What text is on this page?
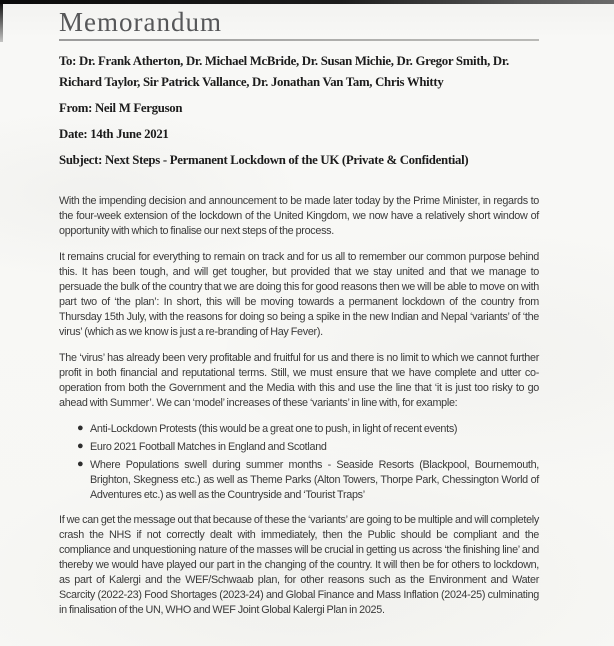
Memorandum

To: Dr. Frank Atherton, Dr. Michael McBride, Dr. Susan Michie, Dr. Gregor Smith, Dr. Richard Taylor, Sir Patrick Vallance, Dr. Jonathan Van Tam, Chris Whitty

From: Neil M Ferguson

Date: 14th June 2021

Subject: Next Steps - Permanent Lockdown of the UK (Private & Confidential)

With the impending decision and announcement to be made later today by the Prime Minister, in regards to the four-week extension of the lockdown of the United Kingdom, we now have a relatively short window of opportunity with which to finalise our next steps of the process.

It remains crucial for everything to remain on track and for us all to remember our common purpose behind this. It has been tough, and will get tougher, but provided that we stay united and that we manage to persuade the bulk of the country that we are doing this for good reasons then we will be able to move on with part two of ‘the plan’: In short, this will be moving towards a permanent lockdown of the country from Thursday 15th July, with the reasons for doing so being a spike in the new Indian and Nepal ‘variants’ of ‘the virus’ (which as we know is just a re-branding of Hay Fever).

The ‘virus’ has already been very profitable and fruitful for us and there is no limit to which we cannot further profit in both financial and reputational terms. Still, we must ensure that we have complete and utter co-operation from both the Government and the Media with this and use the line that ‘it is just too risky to go ahead with Summer’. We can ‘model’ increases of these ‘variants’ in line with, for example:

● Anti-Lockdown Protests (this would be a great one to push, in light of recent events)
● Euro 2021 Football Matches in England and Scotland
● Where Populations swell during summer months - Seaside Resorts (Blackpool, Bournemouth, Brighton, Skegness etc.) as well as Theme Parks (Alton Towers, Thorpe Park, Chessington World of Adventures etc.) as well as the Countryside and ‘Tourist Traps’

If we can get the message out that because of these the ‘variants’ are going to be multiple and will completely crash the NHS if not correctly dealt with immediately, then the Public should be compliant and the compliance and unquestioning nature of the masses will be crucial in getting us across ‘the finishing line’ and thereby we would have played our part in the changing of the country. It will then be for others to lockdown, as part of Kalergi and the WEF/Schwaab plan, for other reasons such as the Environment and Water Scarcity (2022-23) Food Shortages (2023-24) and Global Finance and Mass Inflation (2024-25) culminating in finalisation of the UN, WHO and WEF Joint Global Kalergi Plan in 2025.
